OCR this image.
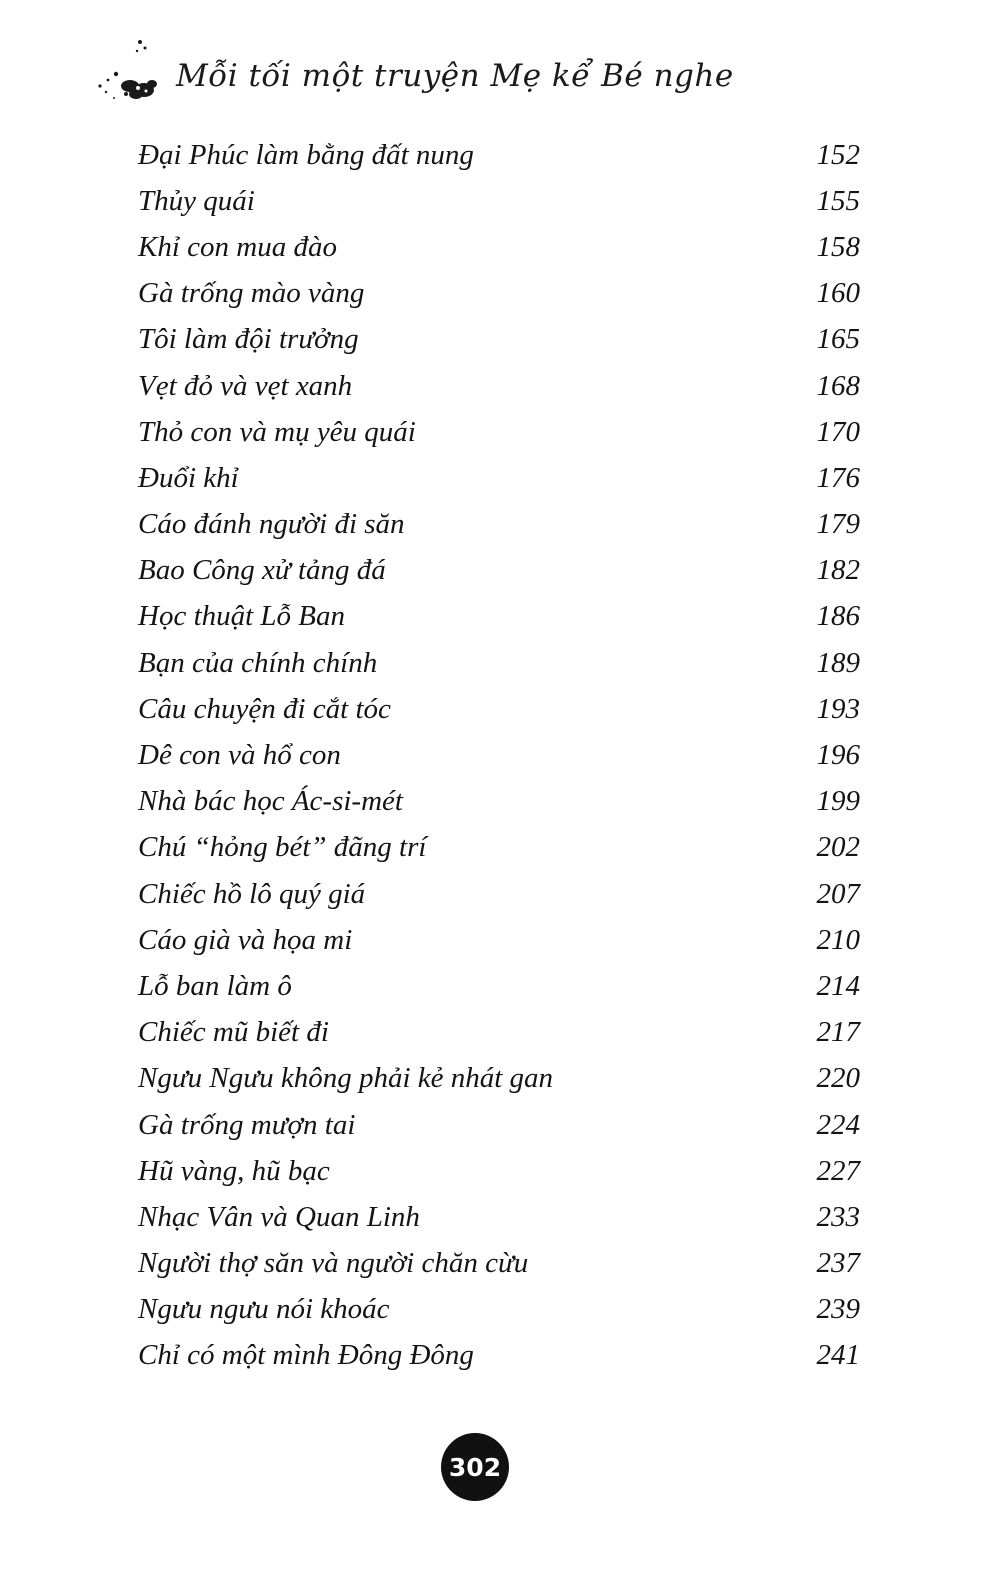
Mỗi tối một truyện Mẹ kể Bé nghe
Đại Phúc làm bằng đất nung	152
Thủy quái	155
Khỉ con mua đào	158
Gà trống mào vàng	160
Tôi làm đội trưởng	165
Vẹt đỏ và vẹt xanh	168
Thỏ con và mụ yêu quái	170
Đuổi khỉ	176
Cáo đánh người đi săn	179
Bao Công xử tảng đá	182
Học thuật Lỗ Ban	186
Bạn của chính chính	189
Câu chuyện đi cắt tóc	193
Dê con và hổ con	196
Nhà bác học Ác-si-mét	199
Chú “hỏng bét” đãng trí	202
Chiếc hồ lô quý giá	207
Cáo già và họa mi	210
Lỗ ban làm ô	214
Chiếc mũ biết đi	217
Ngưu Ngưu không phải kẻ nhát gan	220
Gà trống mượn tai	224
Hũ vàng, hũ bạc	227
Nhạc Vân và Quan Linh	233
Người thợ săn và người chăn cừu	237
Ngưu ngưu nói khoác	239
Chỉ có một mình Đông Đông	241
302
